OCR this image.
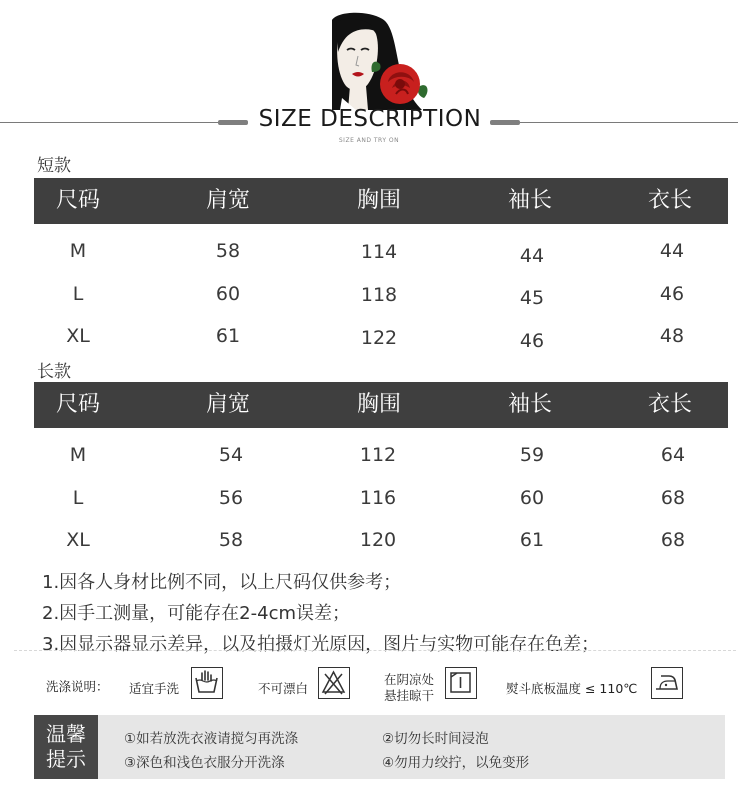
SIZE DESCRIPTION
SIZE AND TRY ON
短款
尺码	肩宽	胸围	袖长	衣长
M	58	114	44	44
L	60	118	45	46
XL	61	122	46	48
长款
尺码	肩宽	胸围	袖长	衣长
M	54	112	59	64
L	56	116	60	68
XL	58	120	61	68
1.因各人身材比例不同，以上尺码仅供参考；
2.因手工测量，可能存在2-4cm误差；
3.因显示器显示差异，以及拍摄灯光原因，图片与实物可能存在色差；
洗涤说明： 适宜手洗	不可漂白
在阴凉处
悬挂晾干	熨斗底板温度 ≤ 110℃
温馨
提示
①如若放洗衣液请搅匀再洗涤	②切勿长时间浸泡
③深色和浅色衣服分开洗涤	④勿用力绞拧，以免变形
